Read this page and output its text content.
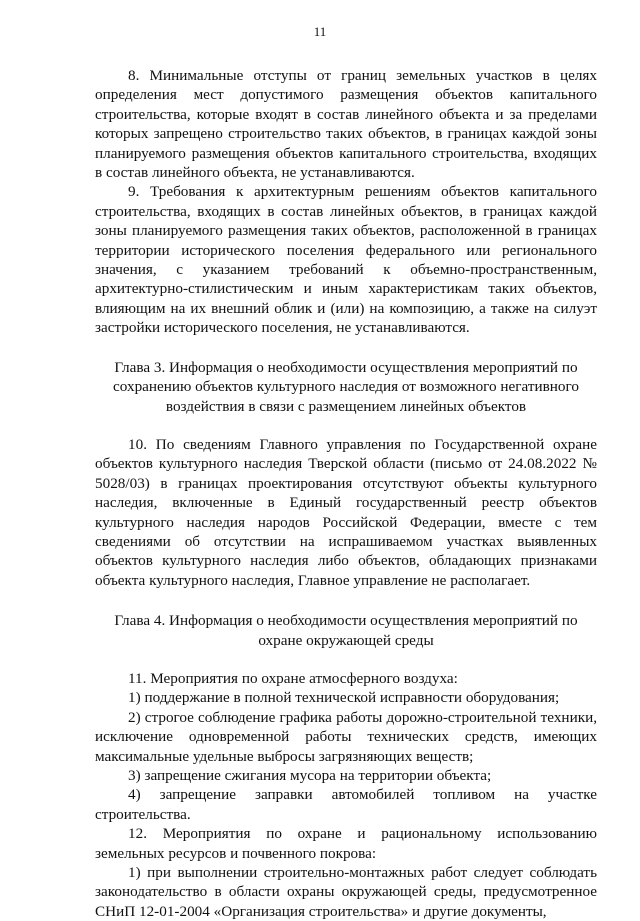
11

8. Минимальные отступы от границ земельных участков в целях определения мест допустимого размещения объектов капитального строительства, которые входят в состав линейного объекта и за пределами которых запрещено строительство таких объектов, в границах каждой зоны планируемого размещения объектов капитального строительства, входящих в состав линейного объекта, не устанавливаются.

9. Требования к архитектурным решениям объектов капитального строительства, входящих в состав линейных объектов, в границах каждой зоны планируемого размещения таких объектов, расположенной в границах территории исторического поселения федерального или регионального значения, с указанием требований к объемно-пространственным, архитектурно-стилистическим и иным характеристикам таких объектов, влияющим на их внешний облик и (или) на композицию, а также на силуэт застройки исторического поселения, не устанавливаются.

Глава 3. Информация о необходимости осуществления мероприятий по сохранению объектов культурного наследия от возможного негативного воздействия в связи с размещением линейных объектов

10. По сведениям Главного управления по Государственной охране объектов культурного наследия Тверской области (письмо от 24.08.2022 № 5028/03) в границах проектирования отсутствуют объекты культурного наследия, включенные в Единый государственный реестр объектов культурного наследия народов Российской Федерации, вместе с тем сведениями об отсутствии на испрашиваемом участках выявленных объектов культурного наследия либо объектов, обладающих признаками объекта культурного наследия, Главное управление не располагает.

Глава 4. Информация о необходимости осуществления мероприятий по охране окружающей среды

11. Мероприятия по охране атмосферного воздуха:

1) поддержание в полной технической исправности оборудования;

2) строгое соблюдение графика работы дорожно-строительной техники, исключение одновременной работы технических средств, имеющих максимальные удельные выбросы загрязняющих веществ;

3) запрещение сжигания мусора на территории объекта;

4) запрещение заправки автомобилей топливом на участке строительства.

12. Мероприятия по охране и рациональному использованию земельных ресурсов и почвенного покрова:

1) при выполнении строительно-монтажных работ следует соблюдать законодательство в области охраны окружающей среды, предусмотренное СНиП 12-01-2004 «Организация строительства» и другие документы,
